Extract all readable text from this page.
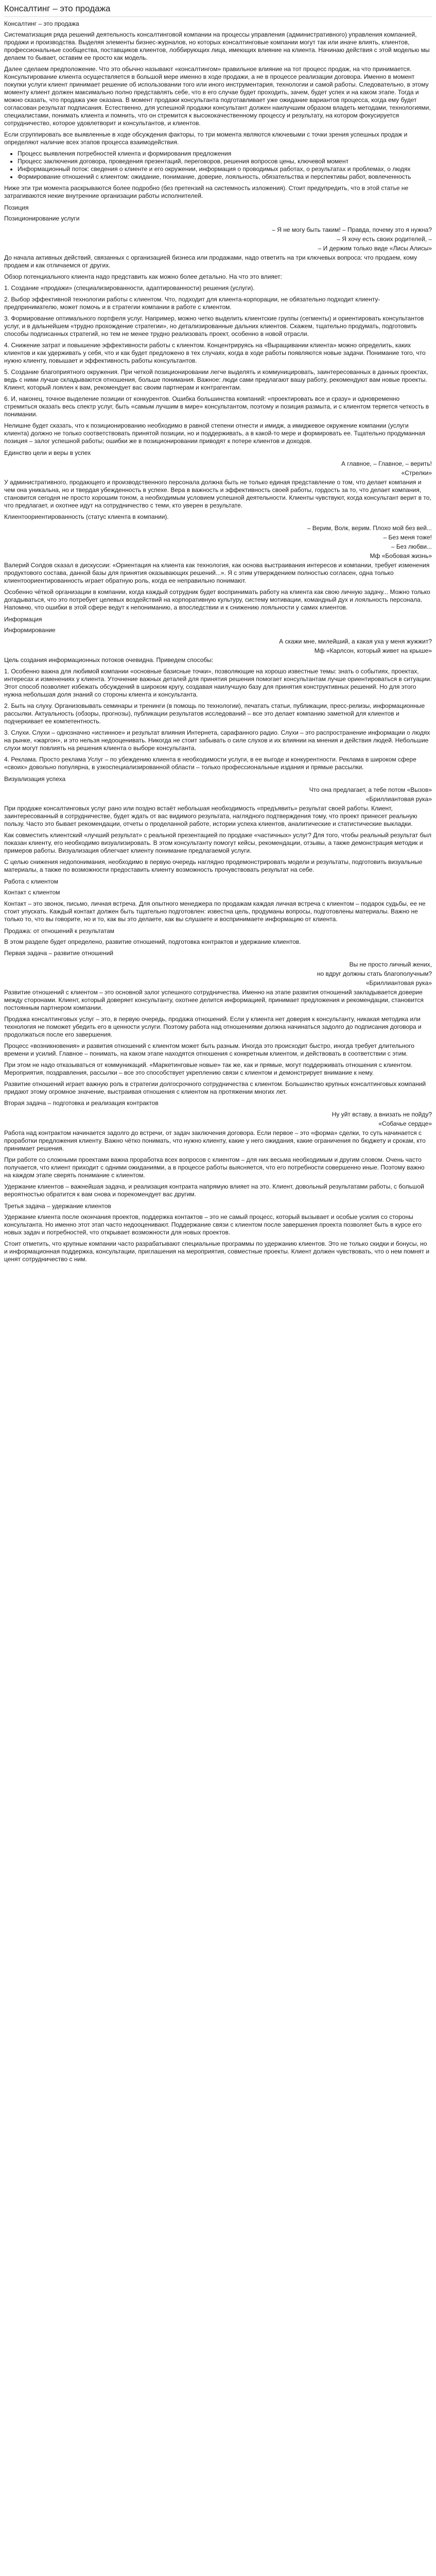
Консалтинг – это продажа

Консалтинг – это продажа

Систематизация ряда решений деятельность консалтинговой компании на процессы управления (административного) управления компанией, продажи и производства. Выделяя элементы бизнес-журналов, но которых консалтинговые компании могут так или иначе влиять, клиентов, профессиональные сообщества, поставщиков клиентов, лоббирующих лица, имеющих влияние на клиента. Начинаю действия с этой моделью мы делаем то бывает, оставим ее просто как модель.

Далее сделаем предположение. Что это обычно называют «консалтингом» правильное влияние на тот процесс продаж, на что принимается. Консультирование клиента осуществляется в большой мере именно в ходе продажи, а не в процессе реализации договора. Именно в момент покупки услуги клиент принимает решение об использовании того или иного инструментария, технологии и самой работы. Следовательно, в этому моменту клиент должен максимально полно представлять себе, что в его случае будет проходить, зачем, будет успех и на каком этапе. Тогда и можно сказать, что продажа уже оказана. В момент продажи консультанта подготавливает уже ожидание вариантов процесса, когда ему будет согласован результат подписания. Естественно, для успешной продажи консультант должен наилучшим образом владеть методами, технологиями, специалистами, понимать клиента и помнить, что он стремится к высококачественному процессу и результату, на котором фокусируется сотрудничество, которое удовлетворит и консультантов, и клиентов.

Если сгруппировать все выявленные в ходе обсуждения факторы, то три момента являются ключевыми с точки зрения успешных продаж и определяют наличие всех этапов процесса взаимодействия.

• Процесс выявления потребностей клиента и формирования предложения
• Процесс заключения договора, проведения презентаций, переговоров, решения вопросов цены, ключевой момент
• Информационный поток: сведения о клиенте и его окружении, информация о проводимых работах, о результатах и проблемах, о людях
• Формирование отношений с клиентом: ожидание, понимание, доверие, лояльность, обязательства и перспективы работ, вовлеченность

Ниже эти три момента раскрываются более подробно (без претензий на системность изложения). Стоит предупредить, что в этой статье не затрагиваются некие внутренние организации работы исполнителей.

Позиция

Позиционирование услуги

– Я не могу быть таким! – Правда, почему это я нужна?

– Я хочу есть своих родителей, –

– И держим только виде «Лисы Алисы»

До начала активных действий, связанных с организацией бизнеса или продажами, надо ответить на три ключевых вопроса: что продаем, кому продаем и как отличаемся от других.

Обзор потенциального клиента надо представить как можно более детально. На что это влияет:

1. Создание «продажи» (специализированности, адаптированности) решения (услуги).

2. Выбор эффективной технологии работы с клиентом. Что, подходит для клиента-корпорации, не обязательно подходит клиенту-предпринимателю, может помочь и в стратегии компании в работе с клиентом.

3. Формирование оптимального портфеля услуг. Например, можно четко выделить клиентские группы (сегменты) и ориентировать консультантов услуг, и в дальнейшем «трудно прохождение стратегии», но детализированные дальних клиентов. Скажем, тщательно продумать, подготовить способы подписанных стратегий, но тем не менее трудно реализовать проект, особенно в новой отрасли.

4. Снижение затрат и повышение эффективности работы с клиентом. Концентрируясь на «Выращивании клиента» можно определить, каких клиентов и как удерживать у себя, что и как будет предложено в тех случаях, когда в ходе работы появляются новые задачи. Понимание того, что нужно клиенту, повышает и эффективность работы консультантов.

5. Создание благоприятного окружения. При четкой позиционировании легче выделять и коммуницировать, заинтересованных в данных проектах, ведь с ними лучше складываются отношения, больше понимания. Важное: люди сами предлагают вашу работу, рекомендуют вам новые проекты. Клиент, который лоялен к вам, рекомендует вас своим партнерам и контрагентам.

6. И, наконец, точное выделение позиции от конкурентов. Ошибка большинства компаний: «проектировать все и сразу» и одновременно стремиться оказать весь спектр услуг, быть «самым лучшим в мире» консультантом, поэтому и позиция размыта, и с клиентом теряется четкость в понимании.

Нелишне будет сказать, что к позиционированию необходимо в равной степени отнести и имидж, а имиджевое окружение компании (услуги клиента) должно не только соответствовать принятой позиции, но и поддерживать, а в какой-то мере и формировать ее. Тщательно продуманная позиция – залог успешной работы; ошибки же в позиционировании приводят к потере клиентов и доходов.

Единство цели и веры в успех

А главное, – Главное, – верить!

«Стрелки»

У административного, продающего и производственного персонала должна быть не только единая представление о том, что делает компания и чем она уникальна, но и твердая убежденность в успехе. Вера в важность и эффективность своей работы, гордость за то, что делает компания, становится сегодня не просто хорошим тоном, а необходимым условием успешной деятельности. Клиенты чувствуют, когда консультант верит в то, что предлагает, и охотнее идут на сотрудничество с теми, кто уверен в результате.

Клиентоориентированность (статус клиента в компании).

– Верим, Волк, верим. Плохо мой без вей...

– Без меня тоже!

– Без любви...

Мф «Бобовая жизнь»

Валерий Солдов сказал в дискуссии: «Ориентация на клиента как технология, как основа выстраивания интересов и компании, требует изменения продуктового состава, данной базы для принятия оказывающих решений...». Я с этим утверждением полностью согласен, одна только клиентоориентированность играет обратную роль, когда ее неправильно понимают.

Особенно чёткой организации в компании, когда каждый сотрудник будет воспринимать работу на клиента как свою личную задачу... Можно только догадываться, что это потребует целевых воздействий на корпоративную культуру, систему мотивации, командный дух и лояльность персонала. Напомню, что ошибки в этой сфере ведут к непониманию, а впоследствии и к снижению лояльности у самих клиентов.

Информация

Информирование

А скажи мне, милейший, а какая уха у меня жужжит?

Мф «Карлсон, который живет на крыше»

Цель создания информационных потоков очевидна. Приведем способы:

1. Особенно важна для любимой компании «основные базисные точки», позволяющие на хорошо известные темы: знать о событиях, проектах, интересах и изменениях у клиента. Уточнение важных деталей для принятия решения помогает консультантам лучше ориентироваться в ситуации. Этот способ позволяет избежать обсуждений в широком кругу, создавая наилучшую базу для принятия конструктивных решений. Но для этого нужна небольшая доля знаний со стороны клиента и консультанта.

2. Быть на слуху. Организовывать семинары и тренинги (в помощь по технологии), печатать статьи, публикации, пресс-релизы, информационные рассылки. Актуальность (обзоры, прогнозы), публикации результатов исследований – все это делает компанию заметной для клиентов и подчеркивает ее компетентность.

3. Слухи. Слухи – однозначно «истинное» и результат влияния Интернета, сарафанного радио. Слухи – это распространение информации о людях на рынке, «жаргон», и это нельзя недооценивать. Никогда не стоит забывать о силе слухов и их влиянии на мнения и действия людей. Небольшие слухи могут повлиять на решения клиента о выборе консультанта.

4. Реклама. Просто реклама Услуг – по убеждению клиента в необходимости услуги, в ее выгоде и конкурентности. Реклама в широком сфере «своих» довольно популярна, в узкоспециализированной области – только профессиональные издания и прямые рассылки.

Визуализация успеха

Что она предлагает, а тебе потом «Вызов»

«Бриллиантовая рука»

При продаже консалтинговых услуг рано или поздно встаёт небольшая необходимость «предъявить» результат своей работы. Клиент, заинтересованный в сотрудничестве, будет ждать от вас видимого результата, наглядного подтверждения тому, что проект принесет реальную пользу. Часто это бывает рекомендации, отчеты о проделанной работе, истории успеха клиентов, аналитические и статистические выкладки.

Как совместить клиентский «лучший результат» с реальной презентацией по продаже «частичных» услуг? Для того, чтобы реальный результат был показан клиенту, его необходимо визуализировать. В этом консультанту помогут кейсы, рекомендации, отзывы, а также демонстрация методик и примеров работы. Визуализация облегчает клиенту понимание предлагаемой услуги.

С целью снижения недопонимания, необходимо в первую очередь наглядно продемонстрировать модели и результаты, подготовить визуальные материалы, а также по возможности предоставить клиенту возможность прочувствовать результат на себе.

Работа с клиентом

Контакт с клиентом

Контакт – это звонок, письмо, личная встреча. Для опытного менеджера по продажам каждая личная встреча с клиентом – подарок судьбы, ее не стоит упускать. Каждый контакт должен быть тщательно подготовлен: известна цель, продуманы вопросы, подготовлены материалы. Важно не только то, что вы говорите, но и то, как вы это делаете, как вы слушаете и воспринимаете информацию от клиента.

Продажа: от отношений к результатам

В этом разделе будет определено, развитие отношений, подготовка контрактов и удержание клиентов.

Первая задача – развитие отношений

Вы не просто личный жених,

но вдруг должны стать благополучным?

«Бриллиантовая рука»

Развитие отношений с клиентом – это основной залог успешного сотрудничества. Именно на этапе развития отношений закладывается доверие между сторонами. Клиент, который доверяет консультанту, охотнее делится информацией, принимает предложения и рекомендации, становится постоянным партнером компании.

Продажа консалтинговых услуг – это, в первую очередь, продажа отношений. Если у клиента нет доверия к консультанту, никакая методика или технология не поможет убедить его в ценности услуги. Поэтому работа над отношениями должна начинаться задолго до подписания договора и продолжаться после его завершения.

Процесс «возникновения» и развития отношений с клиентом может быть разным. Иногда это происходит быстро, иногда требует длительного времени и усилий. Главное – понимать, на каком этапе находятся отношения с конкретным клиентом, и действовать в соответствии с этим.

При этом не надо отказываться от коммуникаций. «Маркетинговые новые» так же, как и прямые, могут поддерживать отношения с клиентом. Мероприятия, поздравления, рассылки – все это способствует укреплению связи с клиентом и демонстрирует внимание к нему.

Развитие отношений играет важную роль в стратегии долгосрочного сотрудничества с клиентом. Большинство крупных консалтинговых компаний придают этому огромное значение, выстраивая отношения с клиентом на протяжении многих лет.

Вторая задача – подготовка и реализация контрактов

Ну уйт вставу, а внизать не пойду?

«Собачье сердце»

Работа над контрактом начинается задолго до встречи, от задач заключения договора. Если первое – это «форма» сделки, то суть начинается с проработки предложения клиенту. Важно чётко понимать, что нужно клиенту, какие у него ожидания, какие ограничения по бюджету и срокам, кто принимает решения.

При работе со сложными проектами важна проработка всех вопросов с клиентом – для них весьма необходимым и другим словом. Очень часто получается, что клиент приходит с одними ожиданиями, а в процессе работы выясняется, что его потребности совершенно иные. Поэтому важно на каждом этапе сверять понимание с клиентом.

Удержание клиентов – важнейшая задача, и реализация контракта напрямую влияет на это. Клиент, довольный результатами работы, с большой вероятностью обратится к вам снова и порекомендует вас другим.

Третья задача – удержание клиентов

Удержание клиента после окончания проектов, поддержка контактов – это не самый процесс, который вызывает и особые усилия со стороны консультанта. Но именно этот этап часто недооценивают. Поддержание связи с клиентом после завершения проекта позволяет быть в курсе его новых задач и потребностей, что открывает возможности для новых проектов.

Стоит отметить, что крупные компании часто разрабатывают специальные программы по удержанию клиентов. Это не только скидки и бонусы, но и информационная поддержка, консультации, приглашения на мероприятия, совместные проекты. Клиент должен чувствовать, что о нем помнят и ценят сотрудничество с ним.
